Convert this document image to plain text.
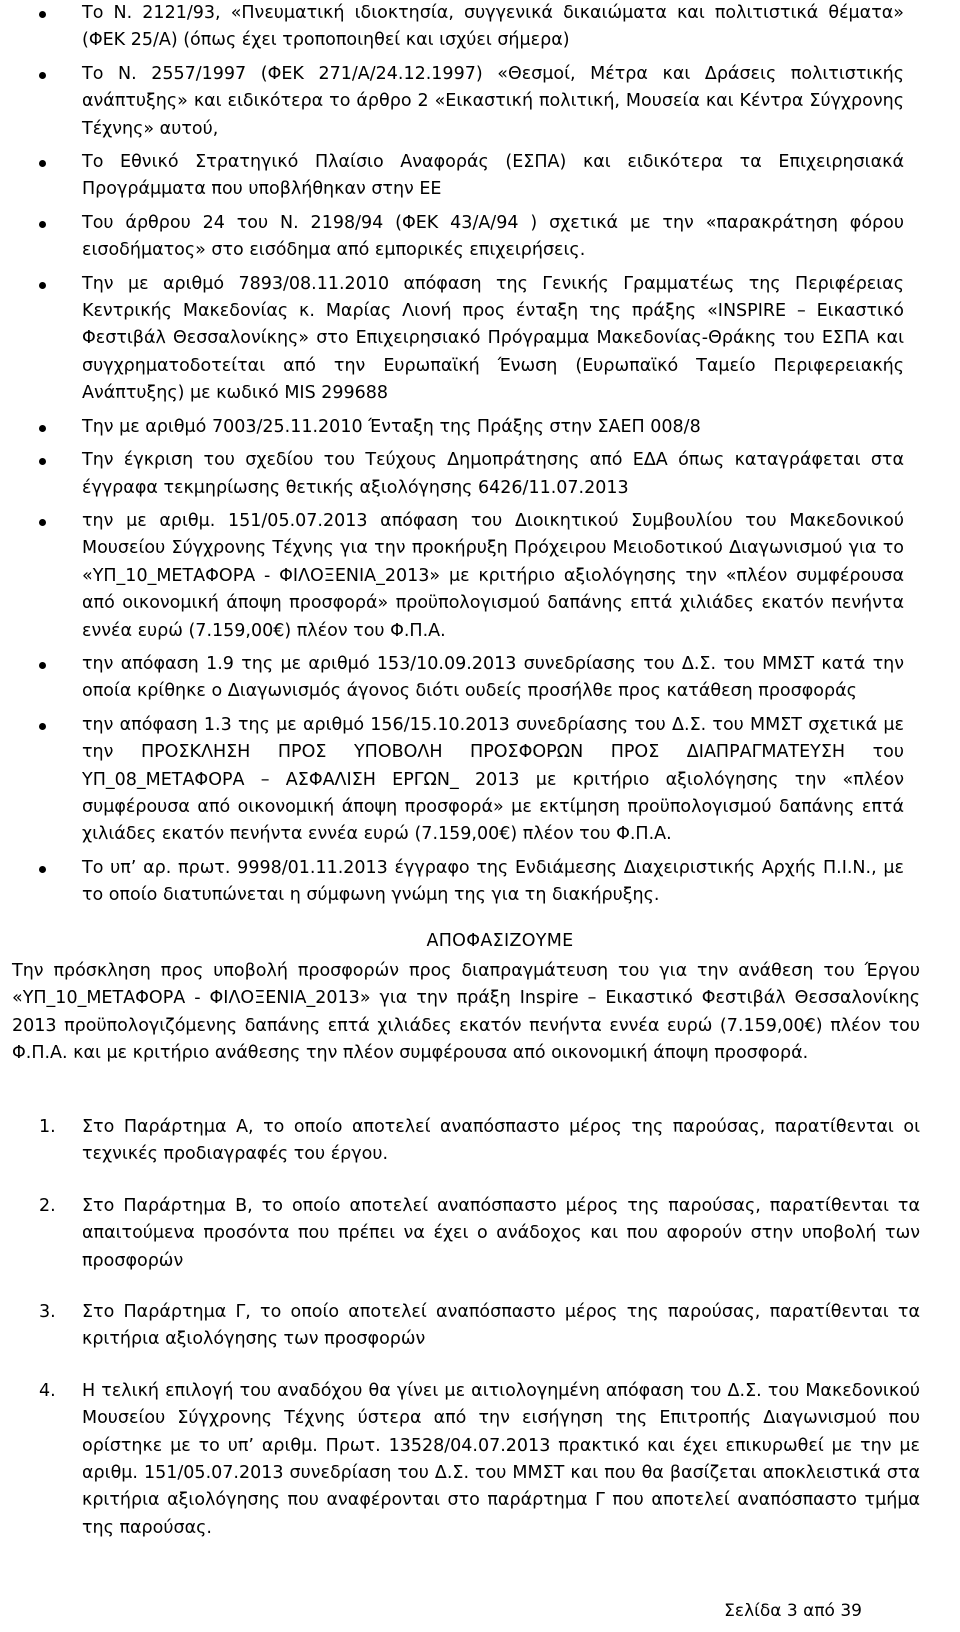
Το Ν. 2121/93, «Πνευματική ιδιοκτησία, συγγενικά δικαιώματα και πολιτιστικά θέματα» (ΦΕΚ 25/Α) (όπως έχει τροποποιηθεί και ισχύει σήμερα)
Το Ν. 2557/1997 (ΦΕΚ 271/Α/24.12.1997) «Θεσμοί, Μέτρα και Δράσεις πολιτιστικής ανάπτυξης» και ειδικότερα το άρθρο 2 «Εικαστική πολιτική, Μουσεία και Κέντρα Σύγχρονης Τέχνης» αυτού,
Το Εθνικό Στρατηγικό Πλαίσιο Αναφοράς (ΕΣΠΑ) και ειδικότερα τα Επιχειρησιακά Προγράμματα που υποβλήθηκαν στην ΕΕ
Του άρθρου 24 του Ν. 2198/94 (ΦΕΚ 43/Α/94 ) σχετικά με την «παρακράτηση φόρου εισοδήματος» στο εισόδημα από εμπορικές επιχειρήσεις.
Την με αριθμό 7893/08.11.2010 απόφαση της Γενικής Γραμματέως της Περιφέρειας Κεντρικής Μακεδονίας κ. Μαρίας Λιονή προς ένταξη της πράξης «INSPIRE – Εικαστικό Φεστιβάλ Θεσσαλονίκης» στο Επιχειρησιακό Πρόγραμμα Μακεδονίας-Θράκης του ΕΣΠΑ και συγχρηματοδοτείται από την Ευρωπαϊκή Ένωση (Ευρωπαϊκό Ταμείο Περιφερειακής Ανάπτυξης) με κωδικό MIS 299688
Την με αριθμό 7003/25.11.2010 Ένταξη της Πράξης στην ΣΑΕΠ 008/8
Την έγκριση του σχεδίου του Τεύχους Δημοπράτησης από ΕΔΑ όπως καταγράφεται στα έγγραφα τεκμηρίωσης θετικής αξιολόγησης 6426/11.07.2013
την με αριθμ. 151/05.07.2013 απόφαση του Διοικητικού Συμβουλίου του Μακεδονικού Μουσείου Σύγχρονης Τέχνης για την προκήρυξη Πρόχειρου Μειοδοτικού Διαγωνισμού για το «ΥΠ_10_ΜΕΤΑΦΟΡΑ - ΦΙΛΟΞΕΝΙΑ_2013» με κριτήριο αξιολόγησης την «πλέον συμφέρουσα από οικονομική άποψη προσφορά» προϋπολογισμού δαπάνης επτά χιλιάδες εκατόν πενήντα εννέα ευρώ (7.159,00€) πλέον του Φ.Π.Α.
την απόφαση 1.9 της με αριθμό 153/10.09.2013 συνεδρίασης του Δ.Σ. του ΜΜΣΤ κατά την οποία κρίθηκε ο Διαγωνισμός άγονος διότι ουδείς προσήλθε προς κατάθεση προσφοράς
την απόφαση 1.3 της με αριθμό 156/15.10.2013 συνεδρίασης του Δ.Σ. του ΜΜΣΤ σχετικά με την ΠΡΟΣΚΛΗΣΗ ΠΡΟΣ ΥΠΟΒΟΛΗ ΠΡΟΣΦΟΡΩΝ ΠΡΟΣ ΔΙΑΠΡΑΓΜΑΤΕΥΣΗ του ΥΠ_08_ΜΕΤΑΦΟΡΑ – ΑΣΦΑΛΙΣΗ ΕΡΓΩΝ_ 2013 με κριτήριο αξιολόγησης την «πλέον συμφέρουσα από οικονομική άποψη προσφορά» με εκτίμηση προϋπολογισμού δαπάνης επτά χιλιάδες εκατόν πενήντα εννέα ευρώ (7.159,00€) πλέον του Φ.Π.Α.
Το υπ’ αρ. πρωτ. 9998/01.11.2013 έγγραφο της Ενδιάμεσης Διαχειριστικής Αρχής Π.Ι.Ν., με το οποίο διατυπώνεται η σύμφωνη γνώμη της για τη διακήρυξης.
ΑΠΟΦΑΣΙΖΟΥΜΕ
Την πρόσκληση προς υποβολή προσφορών προς διαπραγμάτευση του για την ανάθεση του Έργου «ΥΠ_10_ΜΕΤΑΦΟΡΑ - ΦΙΛΟΞΕΝΙΑ_2013» για την πράξη Inspire – Εικαστικό Φεστιβάλ Θεσσαλονίκης 2013 προϋπολογιζόμενης δαπάνης επτά χιλιάδες εκατόν πενήντα εννέα ευρώ (7.159,00€) πλέον του Φ.Π.Α. και με κριτήριο ανάθεσης την πλέον συμφέρουσα από οικονομική άποψη προσφορά.
1. Στο Παράρτημα Α, το οποίο αποτελεί αναπόσπαστο μέρος της παρούσας, παρατίθενται οι τεχνικές προδιαγραφές του έργου.
2. Στο Παράρτημα Β, το οποίο αποτελεί αναπόσπαστο μέρος της παρούσας, παρατίθενται τα απαιτούμενα προσόντα που πρέπει να έχει ο ανάδοχος και που αφορούν στην υποβολή των προσφορών
3. Στο Παράρτημα Γ, το οποίο αποτελεί αναπόσπαστο μέρος της παρούσας, παρατίθενται τα κριτήρια αξιολόγησης των προσφορών
4. Η τελική επιλογή του αναδόχου θα γίνει με αιτιολογημένη απόφαση του Δ.Σ. του Μακεδονικού Μουσείου Σύγχρονης Τέχνης ύστερα από την εισήγηση της Επιτροπής Διαγωνισμού που ορίστηκε με το υπ’ αριθμ. Πρωτ. 13528/04.07.2013 πρακτικό και έχει επικυρωθεί με την με αριθμ. 151/05.07.2013 συνεδρίαση του Δ.Σ. του ΜΜΣΤ και που θα βασίζεται αποκλειστικά στα κριτήρια αξιολόγησης που αναφέρονται στο παράρτημα Γ που αποτελεί αναπόσπαστο τμήμα της παρούσας.
Σελίδα 3 από 39
